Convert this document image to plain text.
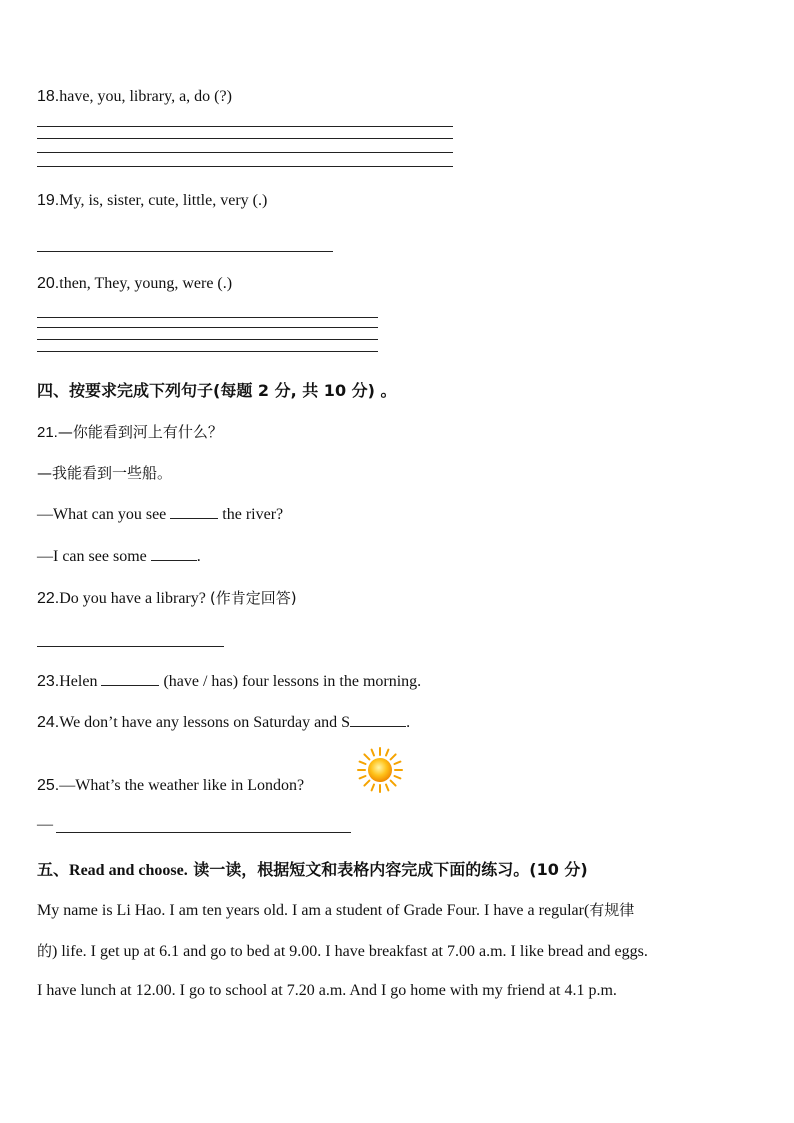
18.have, you, library, a, do (?)
19.My, is, sister, cute, little, very (.)
20.then, They, young, were (.)
四、按要求完成下列句子(每题 2 分, 共 10 分) 。
21.—你能看到河上有什么？
—我能看到一些船。
—What can you see	the river?
—I can see some	.
22.Do you have a library? (作肯定回答)
23.Helen	(have / has) four lessons in the morning.
24.We don’t have any lessons on Saturday and S	.
25.—What’s the weather like in London?
—
五、Read and choose. 读一读，根据短文和表格内容完成下面的练习。(10 分)
My name is Li Hao. I am ten years old. I am a student of Grade Four. I have a regular(有规律
的) life. I get up at 6.1 and go to bed at 9.00. I have breakfast at 7.00 a.m. I like bread and eggs.
I have lunch at 12.00. I go to school at 7.20 a.m. And I go home with my friend at 4.1 p.m.
